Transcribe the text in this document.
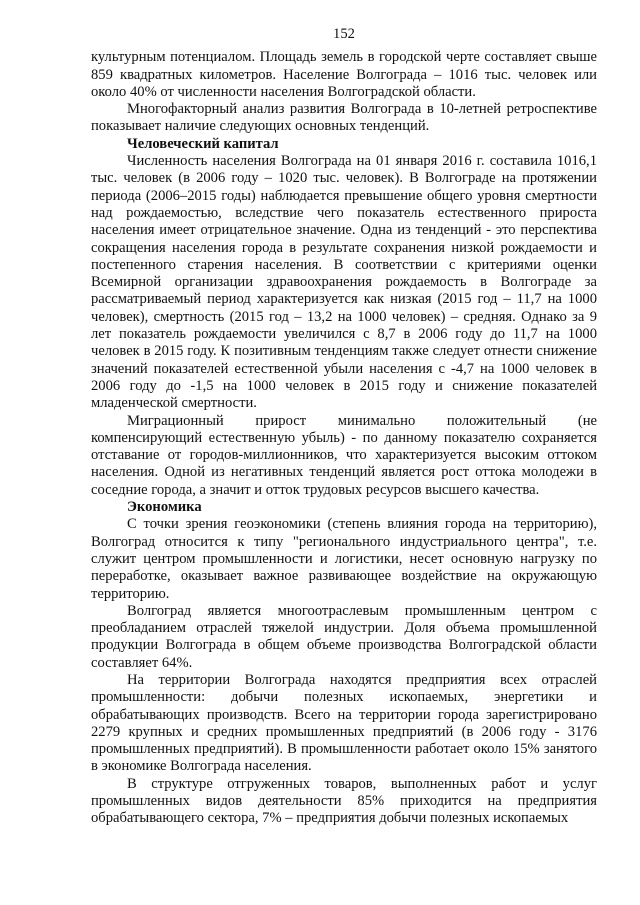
152

культурным потенциалом. Площадь земель в городской черте составляет свыше 859 квадратных километров. Население Волгограда – 1016 тыс. человек или около 40% от численности населения Волгоградской области.

Многофакторный анализ развития Волгограда в 10-летней ретроспективе показывает наличие следующих основных тенденций.

Человеческий капитал

Численность населения Волгограда на 01 января 2016 г. составила 1016,1 тыс. человек (в 2006 году – 1020 тыс. человек). В Волгограде на протяжении периода (2006–2015 годы) наблюдается превышение общего уровня смертности над рождаемостью, вследствие чего показатель естественного прироста населения имеет отрицательное значение. Одна из тенденций - это перспектива сокращения населения города в результате сохранения низкой рождаемости и постепенного старения населения. В соответствии с критериями оценки Всемирной организации здравоохранения рождаемость в Волгограде за рассматриваемый период характеризуется как низкая (2015 год – 11,7 на 1000 человек), смертность (2015 год – 13,2 на 1000 человек) – средняя. Однако за 9 лет показатель рождаемости увеличился с 8,7 в 2006 году до 11,7 на 1000 человек в 2015 году. К позитивным тенденциям также следует отнести снижение значений показателей естественной убыли населения с -4,7 на 1000 человек в 2006 году до -1,5 на 1000 человек в 2015 году и снижение показателей младенческой смертности.

Миграционный прирост минимально положительный (не компенсирующий естественную убыль) - по данному показателю сохраняется отставание от городов-миллионников, что характеризуется высоким оттоком населения. Одной из негативных тенденций является рост оттока молодежи в соседние города, а значит и отток трудовых ресурсов высшего качества.

Экономика

С точки зрения геоэкономики (степень влияния города на территорию), Волгоград относится к типу "регионального индустриального центра", т.е. служит центром промышленности и логистики, несет основную нагрузку по переработке, оказывает важное развивающее воздействие на окружающую территорию.

Волгоград является многоотраслевым промышленным центром с преобладанием отраслей тяжелой индустрии. Доля объема промышленной продукции Волгограда в общем объеме производства Волгоградской области составляет 64%.

На территории Волгограда находятся предприятия всех отраслей промышленности: добычи полезных ископаемых, энергетики и обрабатывающих производств. Всего на территории города зарегистрировано 2279 крупных и средних промышленных предприятий (в 2006 году - 3176 промышленных предприятий). В промышленности работает около 15% занятого в экономике Волгограда населения.

В структуре отгруженных товаров, выполненных работ и услуг промышленных видов деятельности 85% приходится на предприятия обрабатывающего сектора, 7% – предприятия добычи полезных ископаемых
